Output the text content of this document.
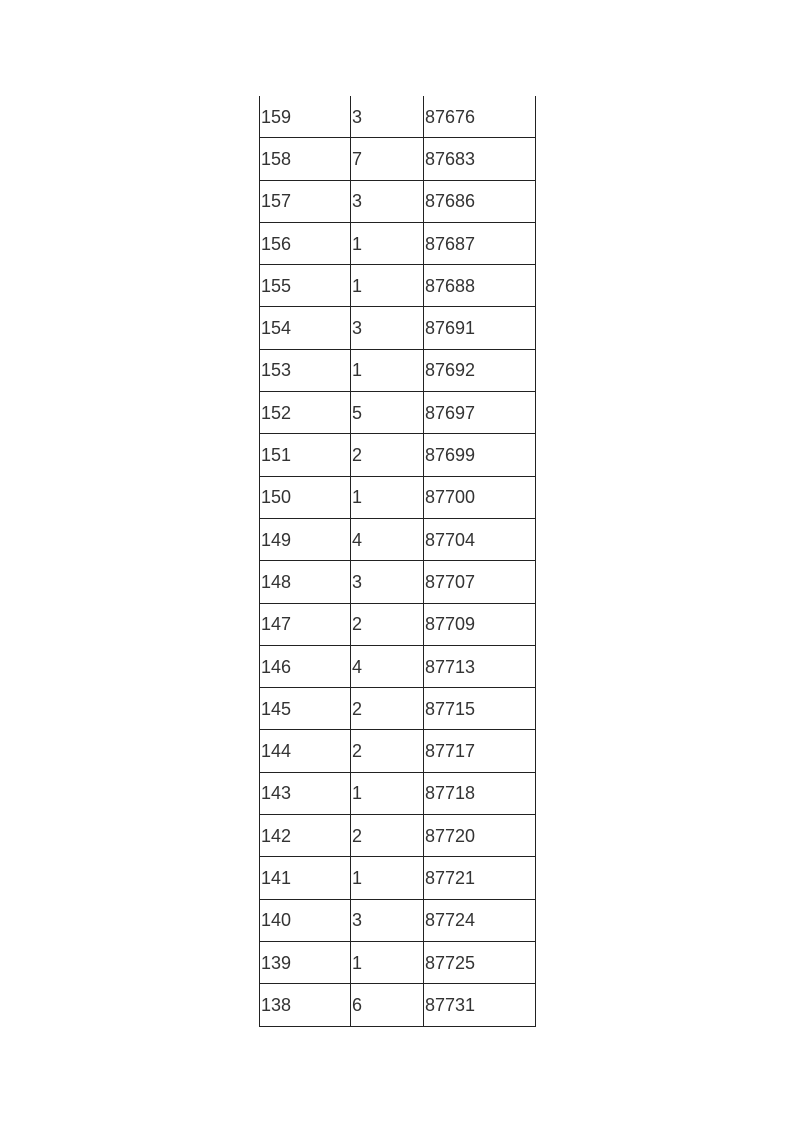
159	3	87676
158	7	87683
157	3	87686
156	1	87687
155	1	87688
154	3	87691
153	1	87692
152	5	87697
151	2	87699
150	1	87700
149	4	87704
148	3	87707
147	2	87709
146	4	87713
145	2	87715
144	2	87717
143	1	87718
142	2	87720
141	1	87721
140	3	87724
139	1	87725
138	6	87731
